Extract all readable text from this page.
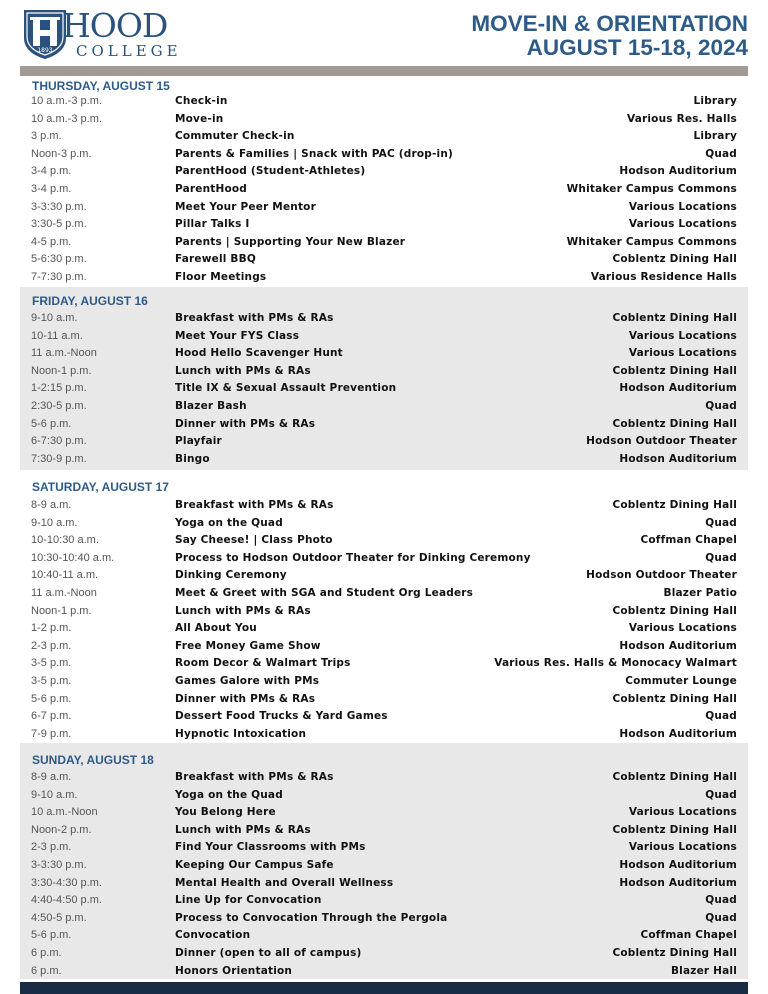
1893
HOOD
COLLEGE
MOVE-IN & ORIENTATION
AUGUST 15-18, 2024
THURSDAY, AUGUST 15
10 a.m.-3 p.m.	Check-in	Library
10 a.m.-3 p.m.	Move-in	Various Res. Halls
3 p.m.	Commuter Check-in	Library
Noon-3 p.m.	Parents & Families | Snack with PAC (drop-in)	Quad
3-4 p.m.	ParentHood (Student-Athletes)	Hodson Auditorium
3-4 p.m.	ParentHood	Whitaker Campus Commons
3-3:30 p.m.	Meet Your Peer Mentor	Various Locations
3:30-5 p.m.	Pillar Talks I	Various Locations
4-5 p.m.	Parents | Supporting Your New Blazer	Whitaker Campus Commons
5-6:30 p.m.	Farewell BBQ	Coblentz Dining Hall
7-7:30 p.m.	Floor Meetings	Various Residence Halls
FRIDAY, AUGUST 16
9-10 a.m.	Breakfast with PMs & RAs	Coblentz Dining Hall
10-11 a.m.	Meet Your FYS Class	Various Locations
11 a.m.-Noon	Hood Hello Scavenger Hunt	Various Locations
Noon-1 p.m.	Lunch with PMs & RAs	Coblentz Dining Hall
1-2:15 p.m.	Title IX & Sexual Assault Prevention	Hodson Auditorium
2:30-5 p.m.	Blazer Bash	Quad
5-6 p.m.	Dinner with PMs & RAs	Coblentz Dining Hall
6-7:30 p.m.	Playfair	Hodson Outdoor Theater
7:30-9 p.m.	Bingo	Hodson Auditorium
SATURDAY, AUGUST 17
8-9 a.m.	Breakfast with PMs & RAs	Coblentz Dining Hall
9-10 a.m.	Yoga on the Quad	Quad
10-10:30 a.m.	Say Cheese! | Class Photo	Coffman Chapel
10:30-10:40 a.m.	Process to Hodson Outdoor Theater for Dinking Ceremony	Quad
10:40-11 a.m.	Dinking Ceremony	Hodson Outdoor Theater
11 a.m.-Noon	Meet & Greet with SGA and Student Org Leaders	Blazer Patio
Noon-1 p.m.	Lunch with PMs & RAs	Coblentz Dining Hall
1-2 p.m.	All About You	Various Locations
2-3 p.m.	Free Money Game Show	Hodson Auditorium
3-5 p.m.	Room Decor & Walmart Trips	Various Res. Halls & Monocacy Walmart
3-5 p.m.	Games Galore with PMs	Commuter Lounge
5-6 p.m.	Dinner with PMs & RAs	Coblentz Dining Hall
6-7 p.m.	Dessert Food Trucks & Yard Games	Quad
7-9 p.m.	Hypnotic Intoxication	Hodson Auditorium
SUNDAY, AUGUST 18
8-9 a.m.	Breakfast with PMs & RAs	Coblentz Dining Hall
9-10 a.m.	Yoga on the Quad	Quad
10 a.m.-Noon	You Belong Here	Various Locations
Noon-2 p.m.	Lunch with PMs & RAs	Coblentz Dining Hall
2-3 p.m.	Find Your Classrooms with PMs	Various Locations
3-3:30 p.m.	Keeping Our Campus Safe	Hodson Auditorium
3:30-4:30 p.m.	Mental Health and Overall Wellness	Hodson Auditorium
4:40-4:50 p.m.	Line Up for Convocation	Quad
4:50-5 p.m.	Process to Convocation Through the Pergola	Quad
5-6 p.m.	Convocation	Coffman Chapel
6 p.m.	Dinner (open to all of campus)	Coblentz Dining Hall
6 p.m.	Honors Orientation	Blazer Hall
